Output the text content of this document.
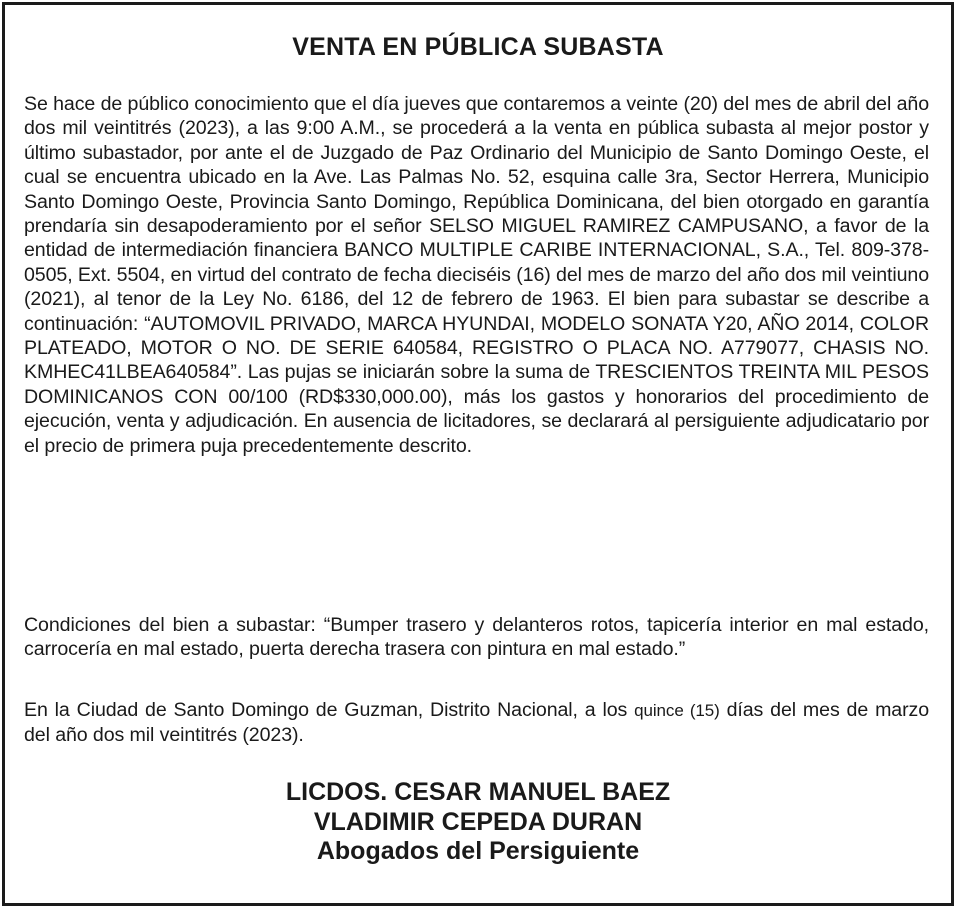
VENTA EN PÚBLICA SUBASTA

Se hace de público conocimiento que el día jueves que contaremos a veinte (20) del mes de abril del año dos mil veintitrés (2023), a las 9:00 A.M., se procederá a la venta en pública subasta al mejor postor y último subastador, por ante el de Juzgado de Paz Ordinario del Municipio de Santo Domingo Oeste, el cual se encuentra ubicado en la Ave. Las Palmas No. 52, esquina calle 3ra, Sector Herrera, Municipio Santo Domingo Oeste, Provincia Santo Domingo, República Dominicana, del bien otorgado en garantía prendaría sin desapoderamiento por el señor SELSO MIGUEL RAMIREZ CAMPUSANO, a favor de la entidad de intermediación financiera BANCO MULTIPLE CARIBE INTERNACIONAL, S.A., Tel. 809-378-0505, Ext. 5504, en virtud del contrato de fecha dieciséis (16) del mes de marzo del año dos mil veintiuno (2021), al tenor de la Ley No. 6186, del 12 de febrero de 1963. El bien para subastar se describe a continuación: “AUTOMOVIL PRIVADO, MARCA HYUNDAI, MODELO SONATA Y20, AÑO 2014, COLOR PLATEADO, MOTOR O NO. DE SERIE 640584, REGISTRO O PLACA NO. A779077, CHASIS NO. KMHEC41LBEA640584”. Las pujas se iniciarán sobre la suma de TRESCIENTOS TREINTA MIL PESOS DOMINICANOS CON 00/100 (RD$330,000.00), más los gastos y honorarios del procedimiento de ejecución, venta y adjudicación. En ausencia de licitadores, se declarará al persiguiente adjudicatario por el precio de primera puja precedentemente descrito.

Condiciones del bien a subastar: “Bumper trasero y delanteros rotos, tapicería interior en mal estado, carrocería en mal estado, puerta derecha trasera con pintura en mal estado.”

En la Ciudad de Santo Domingo de Guzman, Distrito Nacional, a los quince (15) días del mes de marzo del año dos mil veintitrés (2023).

LICDOS. CESAR MANUEL BAEZ
VLADIMIR CEPEDA DURAN
Abogados del Persiguiente
